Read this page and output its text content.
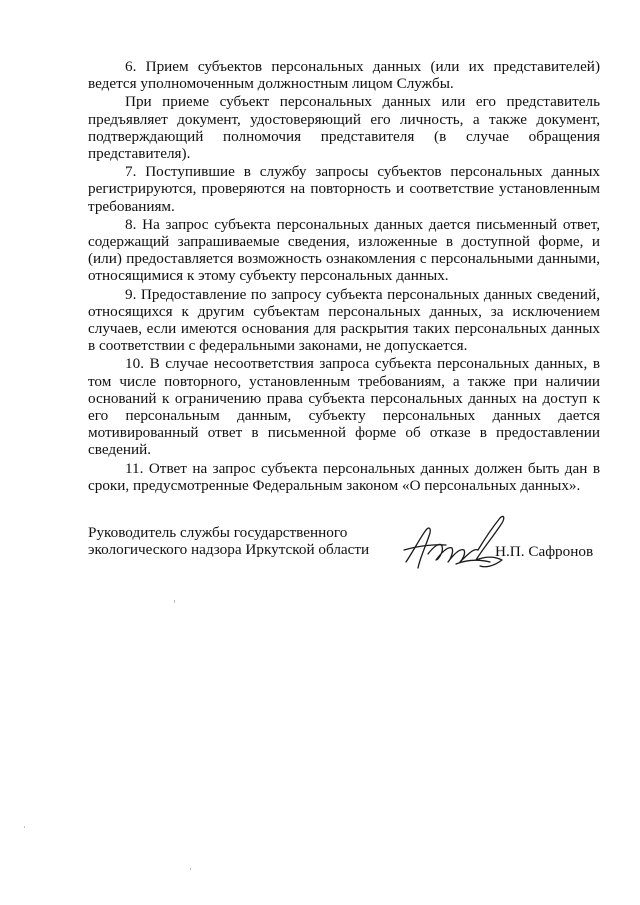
6. Прием субъектов персональных данных (или их представителей) ведется уполномоченным должностным лицом Службы.

При приеме субъект персональных данных или его представитель предъявляет документ, удостоверяющий его личность, а также документ, подтверждающий полномочия представителя (в случае обращения представителя).

7. Поступившие в службу запросы субъектов персональных данных регистрируются, проверяются на повторность и соответствие установленным требованиям.

8. На запрос субъекта персональных данных дается письменный ответ, содержащий запрашиваемые сведения, изложенные в доступной форме, и (или) предоставляется возможность ознакомления с персональными данными, относящимися к этому субъекту персональных данных.

9. Предоставление по запросу субъекта персональных данных сведений, относящихся к другим субъектам персональных данных, за исключением случаев, если имеются основания для раскрытия таких персональных данных в соответствии с федеральными законами, не допускается.

10. В случае несоответствия запроса субъекта персональных данных, в том числе повторного, установленным требованиям, а также при наличии оснований к ограничению права субъекта персональных данных на доступ к его персональным данным, субъекту персональных данных дается мотивированный ответ в письменной форме об отказе в предоставлении сведений.

11. Ответ на запрос субъекта персональных данных должен быть дан в сроки, предусмотренные Федеральным законом «О персональных данных».

Руководитель службы государственного
экологического надзора Иркутской области	Н.П. Сафронов
